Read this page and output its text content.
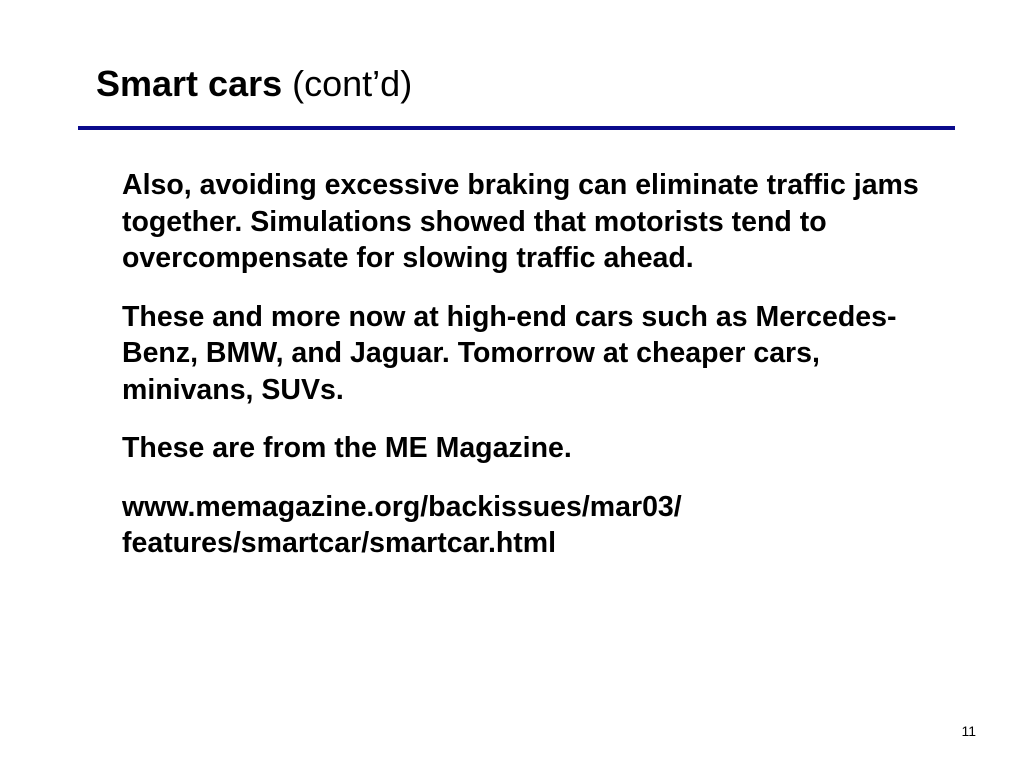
Smart cars (cont’d)

Also, avoiding excessive braking can eliminate traffic jams together. Simulations showed that motorists tend to overcompensate for slowing traffic ahead.

These and more now at high-end cars such as Mercedes-Benz, BMW, and Jaguar. Tomorrow at cheaper cars, minivans, SUVs.

These are from the ME Magazine.

www.memagazine.org/backissues/mar03/
features/smartcar/smartcar.html

11
